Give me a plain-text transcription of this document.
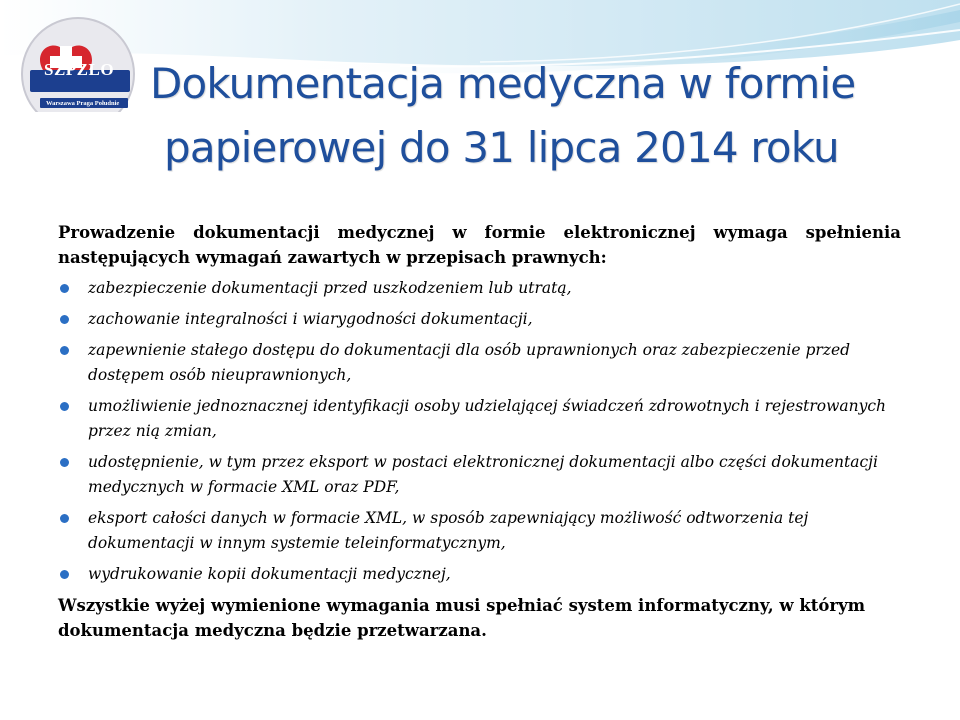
SZPZLO
Warszawa Praga Południe Dokumentacja medyczna w formie
papierowej do 31 lipca 2014 roku

Prowadzenie dokumentacji medycznej w formie elektronicznej wymaga spełnienia następujących wymagań zawartych w przepisach prawnych:

zabezpieczenie dokumentacji przed uszkodzeniem lub utratą,
zachowanie integralności i wiarygodności dokumentacji,
zapewnienie stałego dostępu do dokumentacji dla osób uprawnionych oraz zabezpieczenie przed dostępem osób nieuprawnionych,
umożliwienie jednoznacznej identyfikacji osoby udzielającej świadczeń zdrowotnych i rejestrowanych przez nią zmian,
udostępnienie, w tym przez eksport w postaci elektronicznej dokumentacji albo części dokumentacji medycznych w formacie XML oraz PDF,
eksport całości danych w formacie XML, w sposób zapewniający możliwość odtworzenia tej dokumentacji w innym systemie teleinformatycznym,
wydrukowanie kopii dokumentacji medycznej,

Wszystkie wyżej wymienione wymagania musi spełniać system informatyczny, w którym dokumentacja medyczna będzie przetwarzana.
